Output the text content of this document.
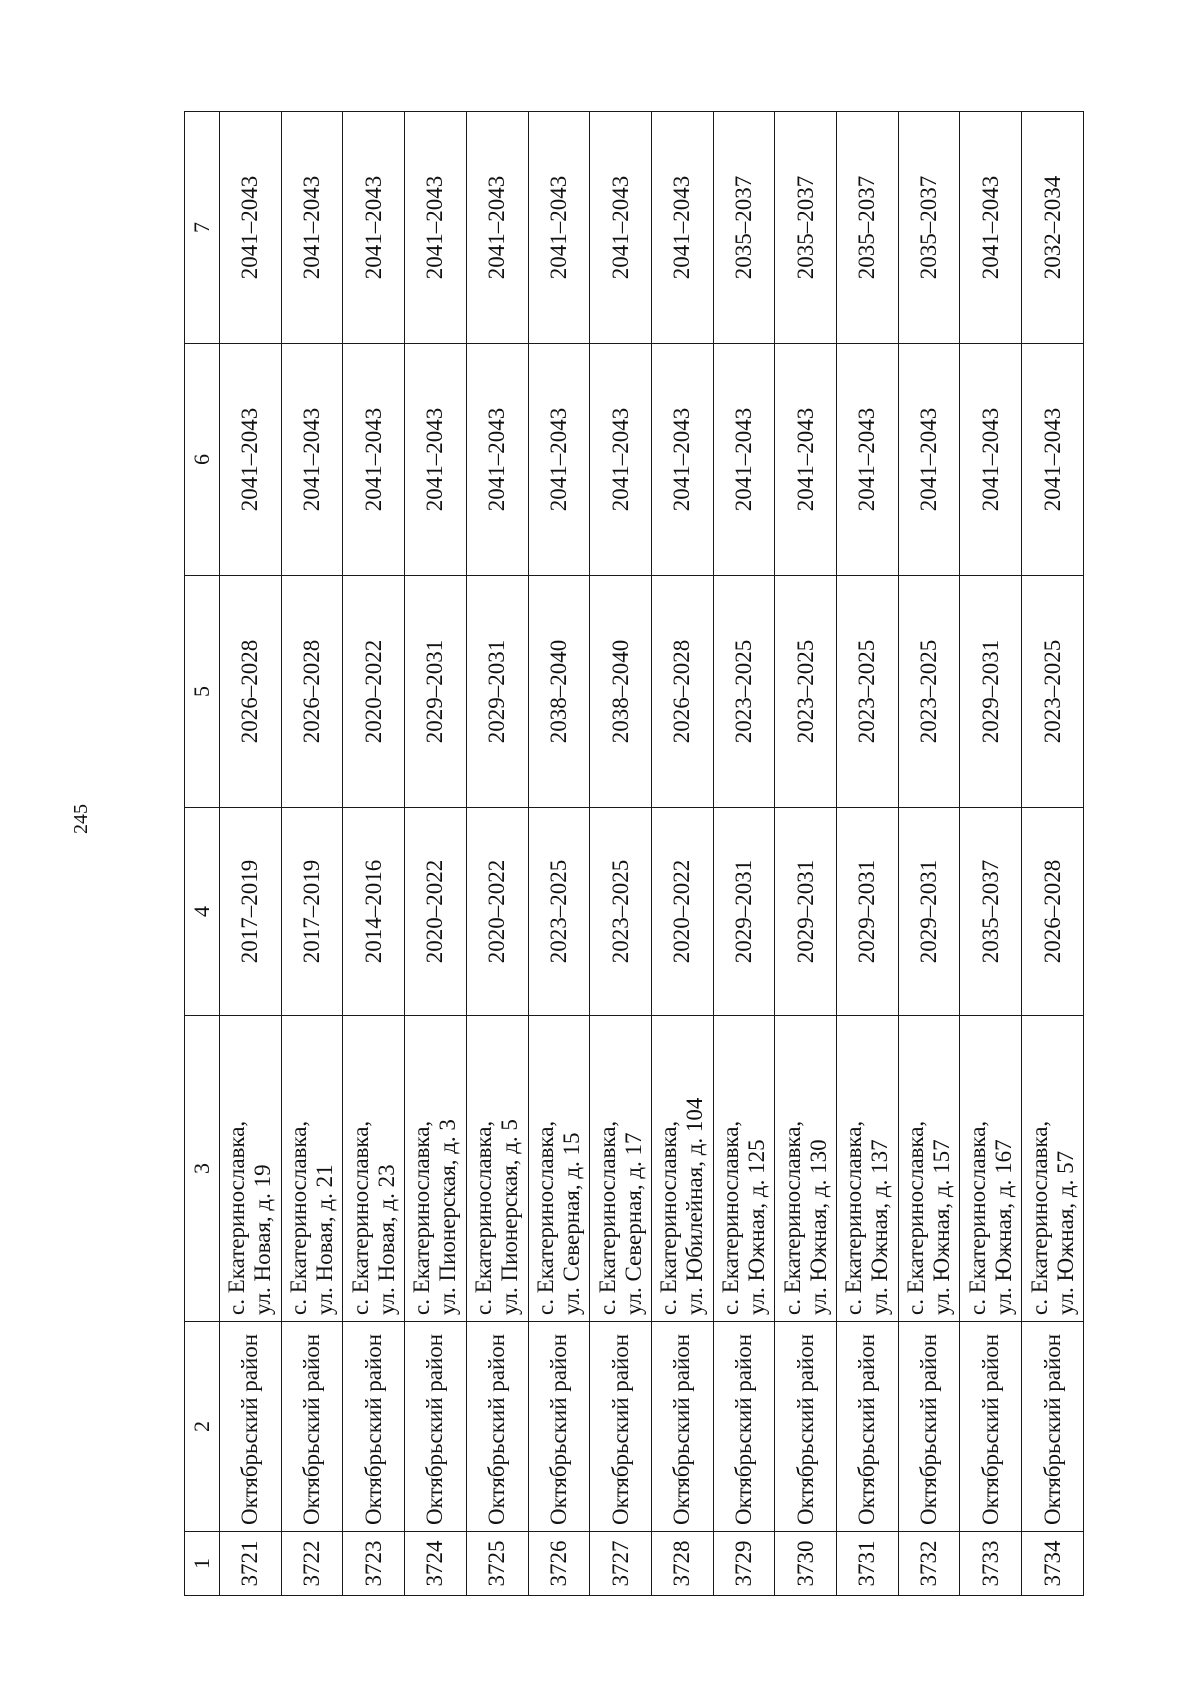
245
1	2	3	4	5	6	7
3721	Октябрьский район	с. Екатеринославка, ул. Новая, д. 19	2017–2019	2026–2028	2041–2043	2041–2043
3722	Октябрьский район	с. Екатеринославка, ул. Новая, д. 21	2017–2019	2026–2028	2041–2043	2041–2043
3723	Октябрьский район	с. Екатеринославка, ул. Новая, д. 23	2014–2016	2020–2022	2041–2043	2041–2043
3724	Октябрьский район	с. Екатеринославка, ул. Пионерская, д. 3	2020–2022	2029–2031	2041–2043	2041–2043
3725	Октябрьский район	с. Екатеринославка, ул. Пионерская, д. 5	2020–2022	2029–2031	2041–2043	2041–2043
3726	Октябрьский район	с. Екатеринославка, ул. Северная, д. 15	2023–2025	2038–2040	2041–2043	2041–2043
3727	Октябрьский район	с. Екатеринославка, ул. Северная, д. 17	2023–2025	2038–2040	2041–2043	2041–2043
3728	Октябрьский район	с. Екатеринославка, ул. Юбилейная, д. 104	2020–2022	2026–2028	2041–2043	2041–2043
3729	Октябрьский район	с. Екатеринославка, ул. Южная, д. 125	2029–2031	2023–2025	2041–2043	2035–2037
3730	Октябрьский район	с. Екатеринославка, ул. Южная, д. 130	2029–2031	2023–2025	2041–2043	2035–2037
3731	Октябрьский район	с. Екатеринославка, ул. Южная, д. 137	2029–2031	2023–2025	2041–2043	2035–2037
3732	Октябрьский район	с. Екатеринославка, ул. Южная, д. 157	2029–2031	2023–2025	2041–2043	2035–2037
3733	Октябрьский район	с. Екатеринославка, ул. Южная, д. 167	2035–2037	2029–2031	2041–2043	2041–2043
3734	Октябрьский район	с. Екатеринославка, ул. Южная, д. 57	2026–2028	2023–2025	2041–2043	2032–2034
